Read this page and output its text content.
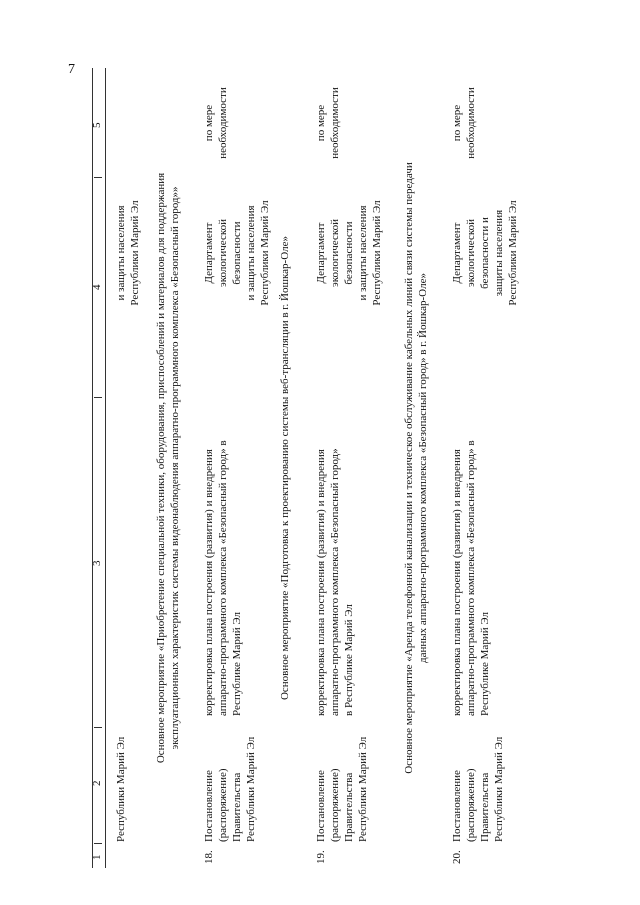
7
1
2
3
4
5
Республики Марий Эл
и защиты населения Республики Марий Эл Основное мероприятие «Приобретение специальной техники, оборудования, приспособлений и материалов для поддержания эксплуатационных характеристик системы видеонаблюдения аппаратно-программного комплекса «Безопасный город»»
18.
Постановление (распоряжение) Правительства Республики Марий Эл
корректировка плана построения (развития) и внедрения аппаратно-программного комплекса «Безопасный город» в Республике Марий Эл
Департамент экологической безопасности и защиты населения Республики Марий Эл
по мере необходимости
Основное мероприятие «Подготовка к проектированию системы веб-трансляции в г. Йошкар-Оле»
19.
Постановление (распоряжение) Правительства Республики Марий Эл
корректировка плана построения (развития) и внедрения аппаратно-программного комплекса «Безопасный город» в Республике Марий Эл
Департамент экологической безопасности и защиты населения Республики Марий Эл
по мере необходимости
Основное мероприятие «Аренда телефонной канализации и техническое обслуживание кабельных линий связи системы передачи данных аппаратно-программного комплекса «Безопасный город» в г. Йошкар-Оле»
20.
Постановление (распоряжение) Правительства Республики Марий Эл
корректировка плана построения (развития) и внедрения аппаратно-программного комплекса «Безопасный город» в Республике Марий Эл
Департамент экологической безопасности и защиты населения Республики Марий Эл
по мере необходимости
